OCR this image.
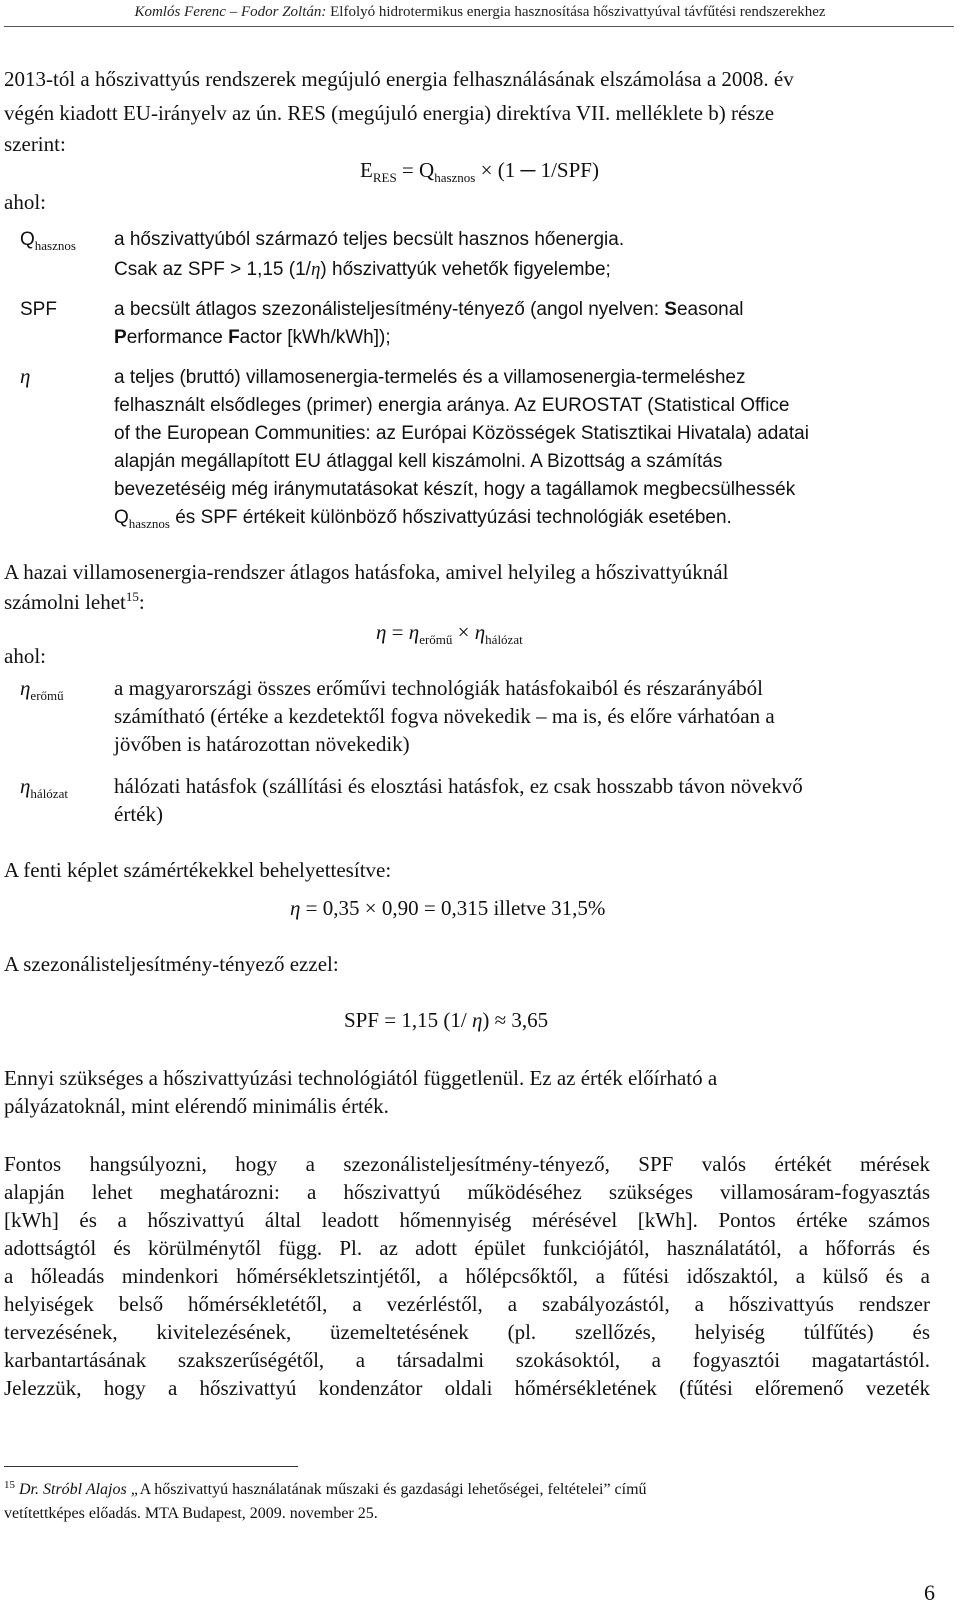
Komlós Ferenc – Fodor Zoltán: Elfolyó hidrotermikus energia hasznosítása hőszivattyúval távfűtési rendszerekhez
2013-tól a hőszivattyús rendszerek megújuló energia felhasználásának elszámolása a 2008. év
végén kiadott EU-irányelv az ún. RES (megújuló energia) direktíva VII. melléklete b) része
szerint:
$E_{RES} = Q_{hasznos} \times (1$ ─ 1/SPF)
ahol:
$Q_{hasznos}$ a hőszivattyúból származó teljes becsült hasznos hőenergia.
Csak az SPF > 1,15 (1/η) hőszivattyúk vehetők figyelembe;
SPF	a becsült átlagos szezonálisteljesítmény-tényező (angol nyelven: Seasonal
Performance Factor [kWh/kWh]);
η	a teljes (bruttó) villamosenergia-termelés és a villamosenergia-termeléshez
felhasznált elsődleges (primer) energia aránya. Az EUROSTAT (Statistical Office
of the European Communities: az Európai Közösségek Statisztikai Hivatala) adatai
alapján megállapított EU átlaggal kell kiszámolni. A Bizottság a számítás
bevezetéséig még iránymutatásokat készít, hogy a tagállamok megbecsülhessék
$Q_{hasznos}$ és SPF értékeit különböző hőszivattyúzási technológiák esetében.
A hazai villamosenergia-rendszer átlagos hatásfoka, amivel helyileg a hőszivattyúknál
számolni lehet$^{15}$:
$\eta = \eta_{erőmű} \times \eta_{hálózat}$
ahol:
$\eta_{erőmű}$ a magyarországi összes erőművi technológiák hatásfokaiból és részarányából
számítható (értéke a kezdetektől fogva növekedik – ma is, és előre várhatóan a
jövőben is határozottan növekedik)
$\eta_{hálózat}$ hálózati hatásfok (szállítási és elosztási hatásfok, ez csak hosszabb távon növekvő
érték)
A fenti képlet számértékekkel behelyettesítve:
η = 0,35 × 0,90 = 0,315 illetve 31,5%
A szezonálisteljesítmény-tényező ezzel:
SPF = 1,15 (1/ η) ≈ 3,65
Ennyi szükséges a hőszivattyúzási technológiától függetlenül. Ez az érték előírható a
pályázatoknál, mint elérendő minimális érték.
Fontos hangsúlyozni, hogy a szezonálisteljesítmény-tényező, SPF valós értékét mérések
alapján lehet meghatározni: a hőszivattyú működéséhez szükséges villamosáram-fogyasztás
[kWh] és a hőszivattyú által leadott hőmennyiség mérésével [kWh]. Pontos értéke számos
adottságtól és körülménytől függ. Pl. az adott épület funkciójától, használatától, a hőforrás és
a hőleadás mindenkori hőmérsékletszintjétől, a hőlépcsőktől, a fűtési időszaktól, a külső és a
helyiségek belső hőmérsékletétől, a vezérléstől, a szabályozástól, a hőszivattyús rendszer
tervezésének, kivitelezésének, üzemeltetésének (pl. szellőzés, helyiség túlfűtés) és
karbantartásának szakszerűségétől, a társadalmi szokásoktól, a fogyasztói magatartástól.
Jelezzük, hogy a hőszivattyú kondenzátor oldali hőmérsékletének (fűtési előremenő vezeték
$^{15}$ Dr. Stróbl Alajos „A hőszivattyú használatának műszaki és gazdasági lehetőségei, feltételei” című
vetítettképes előadás. MTA Budapest, 2009. november 25.
6
